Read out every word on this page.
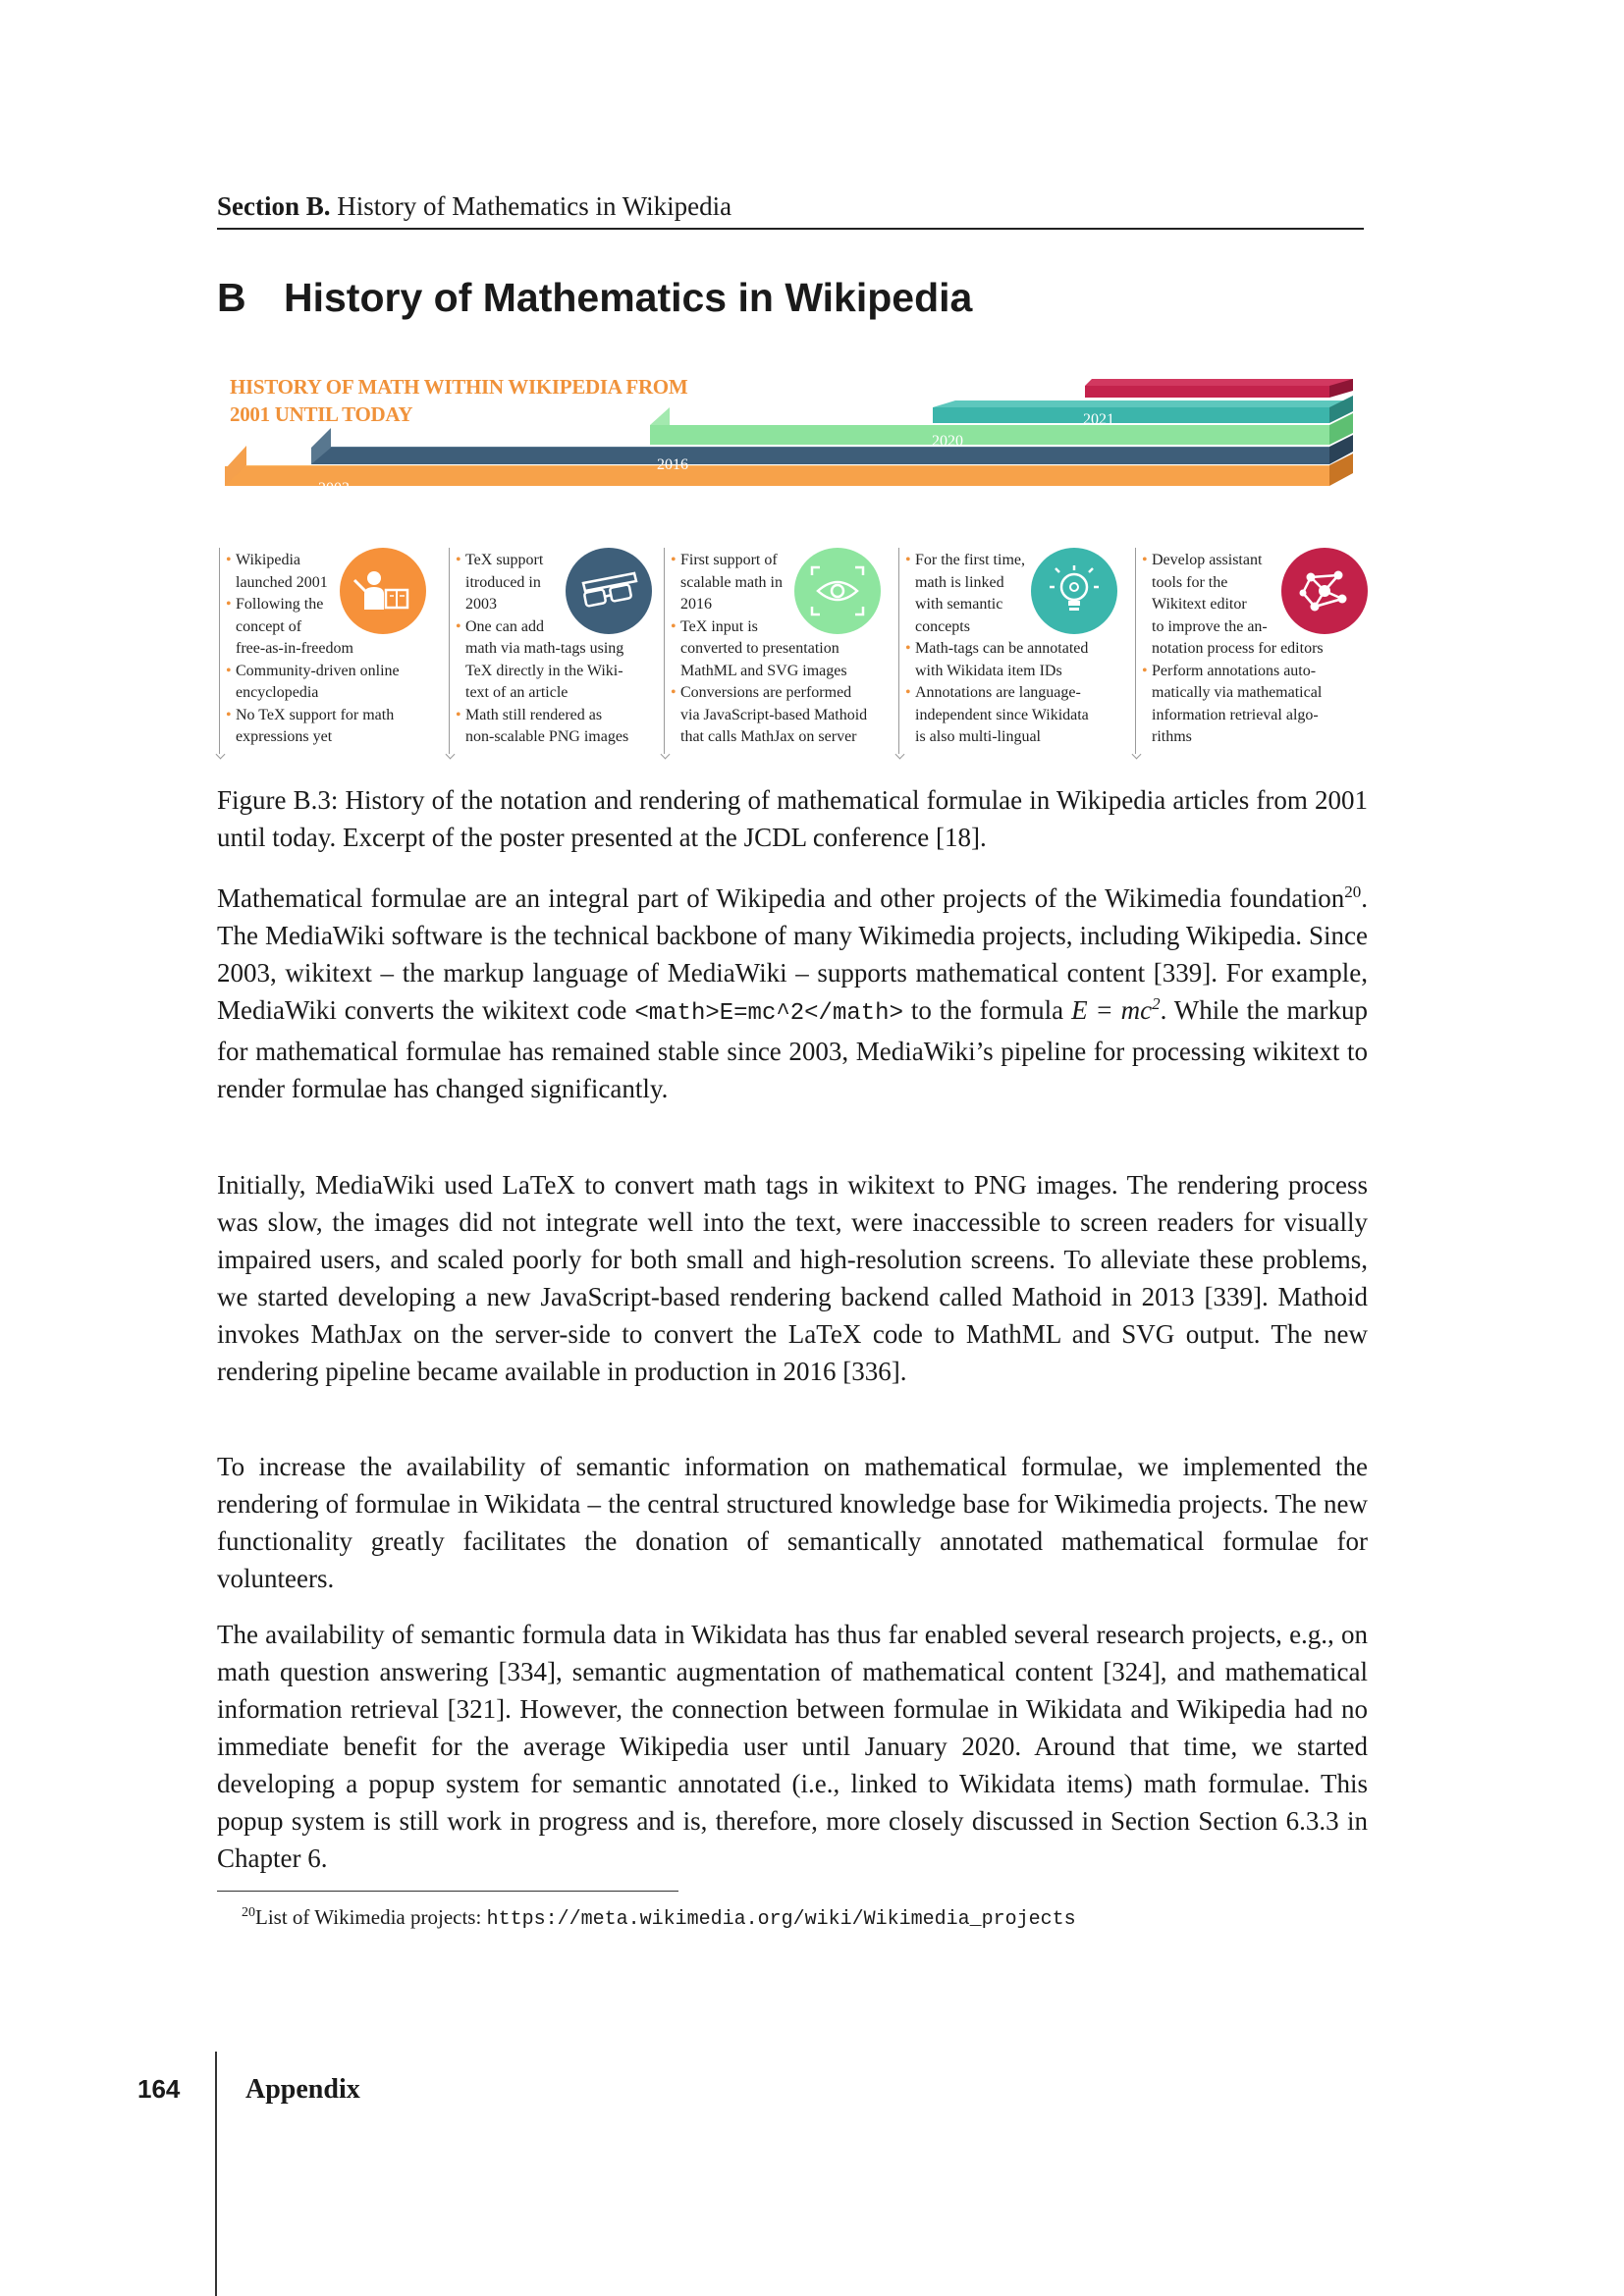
Section B. History of Mathematics in Wikipedia
B History of Mathematics in Wikipedia
HISTORY OF MATH WITHIN WIKIPEDIA FROM
2001 UNTIL TODAY
2001
2003
2016
2020
2021
• Wikipedia
launched 2001
• Following the
concept of
free-as-in-freedom
• Community-driven online
encyclopedia
• No TeX support for math
expressions yet
• TeX support
itroduced in
2003
• One can add
math via math-tags using
TeX directly in the Wiki-
text of an article
• Math still rendered as
non-scalable PNG images
• First support of
scalable math in
2016
• TeX input is
converted to presentation
MathML and SVG images
• Conversions are performed
via JavaScript-based Mathoid
that calls MathJax on server
• For the first time,
math is linked
with semantic
concepts
• Math-tags can be annotated
with Wikidata item IDs
• Annotations are language-
independent since Wikidata
is also multi-lingual
• Develop assistant
tools for the
Wikitext editor
to improve the an-
notation process for editors
• Perform annotations auto-
matically via mathematical
information retrieval algo-
rithms

Figure B.3: History of the notation and rendering of mathematical formulae in Wikipedia articles from 2001 until today. Excerpt of the poster presented at the JCDL conference [18].

Mathematical formulae are an integral part of Wikipedia and other projects of the Wikimedia foundation$^{20}$. The MediaWiki software is the technical backbone of many Wikimedia projects, including Wikipedia. Since 2003, wikitext – the markup language of MediaWiki – supports mathematical content [339]. For example, MediaWiki converts the wikitext code <math>E=mc^2</math> to the formula $E = mc^2$. While the markup for mathematical formulae has remained stable since 2003, MediaWiki’s pipeline for processing wikitext to render formulae has changed significantly.

Initially, MediaWiki used LaTeX to convert math tags in wikitext to PNG images. The rendering process was slow, the images did not integrate well into the text, were inaccessible to screen readers for visually impaired users, and scaled poorly for both small and high-resolution screens. To alleviate these problems, we started developing a new JavaScript-based rendering backend called Mathoid in 2013 [339]. Mathoid invokes MathJax on the server-side to convert the LaTeX code to MathML and SVG output. The new rendering pipeline became available in production in 2016 [336].

To increase the availability of semantic information on mathematical formulae, we implemented the rendering of formulae in Wikidata – the central structured knowledge base for Wikimedia projects. The new functionality greatly facilitates the donation of semantically annotated mathematical formulae for volunteers.

The availability of semantic formula data in Wikidata has thus far enabled several research projects, e.g., on math question answering [334], semantic augmentation of mathematical content [324], and mathematical information retrieval [321]. However, the connection between formulae in Wikidata and Wikipedia had no immediate benefit for the average Wikipedia user until January 2020. Around that time, we started developing a popup system for semantic annotated (i.e., linked to Wikidata items) math formulae. This popup system is still work in progress and is, therefore, more closely discussed in Section Section 6.3.3 in Chapter 6.

$^{20}$List of Wikimedia projects: https://meta.wikimedia.org/wiki/Wikimedia_projects
164 Appendix
